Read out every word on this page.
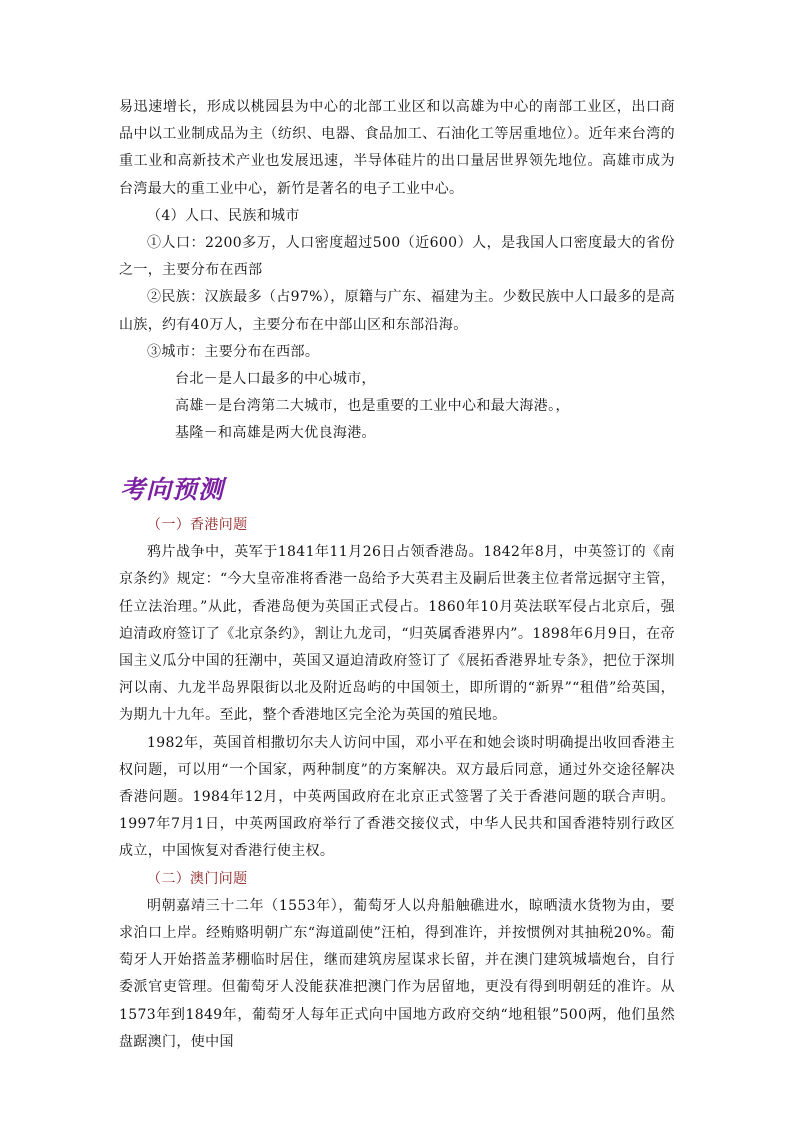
易迅速增长，形成以桃园县为中心的北部工业区和以高雄为中心的南部工业区，出口商品中以工业制成品为主（纺织、电器、食品加工、石油化工等居重地位）。近年来台湾的重工业和高新技术产业也发展迅速，半导体硅片的出口量居世界领先地位。高雄市成为台湾最大的重工业中心，新竹是著名的电子工业中心。

（4）人口、民族和城市

①人口：2200多万，人口密度超过500（近600）人，是我国人口密度最大的省份之一，主要分布在西部

②民族：汉族最多（占97%），原籍与广东、福建为主。少数民族中人口最多的是高山族，约有40万人，主要分布在中部山区和东部沿海。

③城市：主要分布在西部。

台北－是人口最多的中心城市，

高雄－是台湾第二大城市，也是重要的工业中心和最大海港。，

基隆－和高雄是两大优良海港。

考向预测

（一）香港问题

鸦片战争中，英军于1841年11月26日占领香港岛。1842年8月，中英签订的《南京条约》规定：“今大皇帝准将香港一岛给予大英君主及嗣后世袭主位者常远据守主管，任立法治理。”从此，香港岛便为英国正式侵占。1860年10月英法联军侵占北京后，强迫清政府签订了《北京条约》，割让九龙司，“归英属香港界内”。1898年6月9日，在帝国主义瓜分中国的狂潮中，英国又逼迫清政府签订了《展拓香港界址专条》，把位于深圳河以南、九龙半岛界限街以北及附近岛屿的中国领土，即所谓的“新界”“租借”给英国，为期九十九年。至此，整个香港地区完全沦为英国的殖民地。

1982年，英国首相撒切尔夫人访问中国，邓小平在和她会谈时明确提出收回香港主权问题，可以用“一个国家，两种制度”的方案解决。双方最后同意，通过外交途径解决香港问题。1984年12月，中英两国政府在北京正式签署了关于香港问题的联合声明。1997年7月1日，中英两国政府举行了香港交接仪式，中华人民共和国香港特别行政区成立，中国恢复对香港行使主权。

（二）澳门问题

明朝嘉靖三十二年（1553年），葡萄牙人以舟船触礁进水，晾晒渍水货物为由，要求泊口上岸。经贿赂明朝广东“海道副使”汪柏，得到准许，并按惯例对其抽税20%。葡萄牙人开始搭盖茅棚临时居住，继而建筑房屋谋求长留，并在澳门建筑城墙炮台，自行委派官吏管理。但葡萄牙人没能获准把澳门作为居留地，更没有得到明朝廷的准许。从1573年到1849年，葡萄牙人每年正式向中国地方政府交纳“地租银”500两，他们虽然盘踞澳门，使中国
